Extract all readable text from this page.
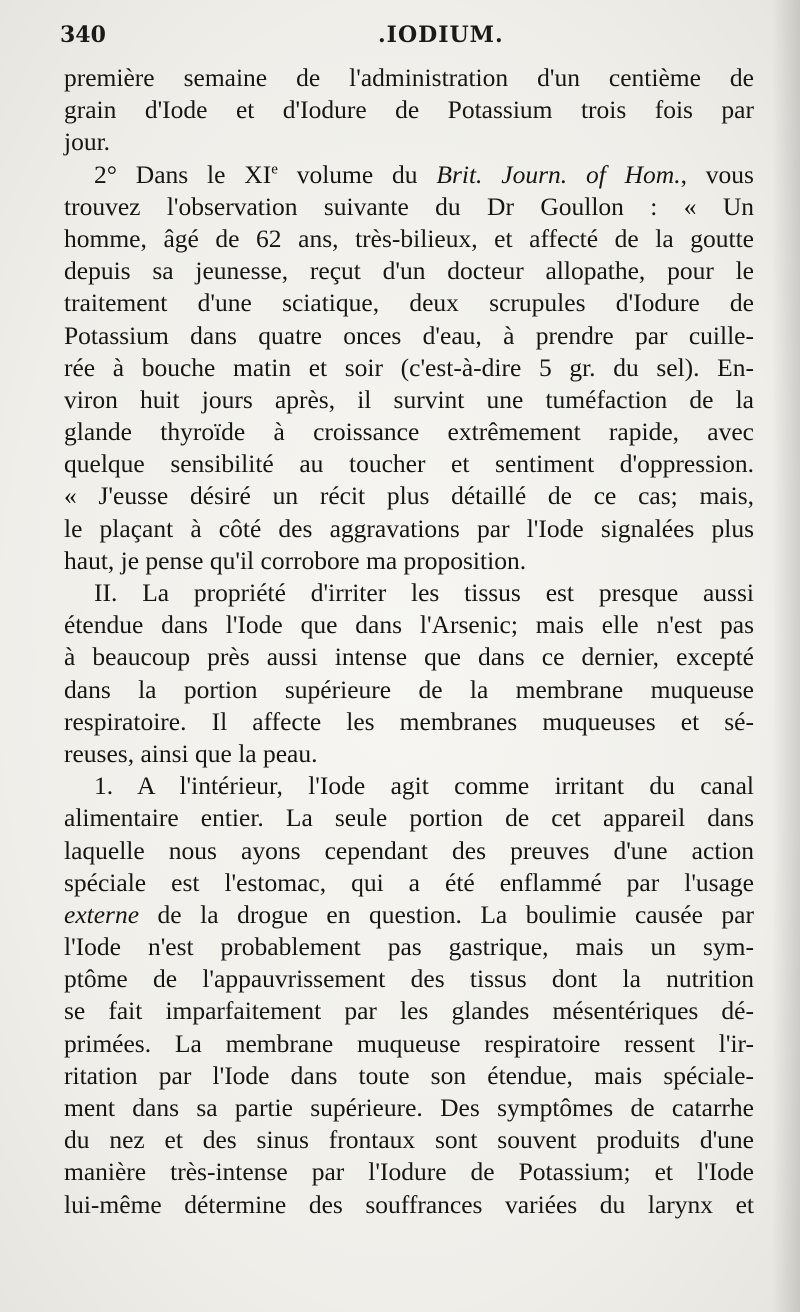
340	.IODIUM.
première semaine de l'administration d'un centième de
grain d'Iode et d'Iodure de Potassium trois fois par
jour.
2° Dans le XIe volume du Brit. Journ. of Hom., vous
trouvez l'observation suivante du Dr Goullon : « Un
homme, âgé de 62 ans, très-bilieux, et affecté de la goutte
depuis sa jeunesse, reçut d'un docteur allopathe, pour le
traitement d'une sciatique, deux scrupules d'Iodure de
Potassium dans quatre onces d'eau, à prendre par cuille-
rée à bouche matin et soir (c'est-à-dire 5 gr. du sel). En-
viron huit jours après, il survint une tuméfaction de la
glande thyroïde à croissance extrêmement rapide, avec
quelque sensibilité au toucher et sentiment d'oppression.
« J'eusse désiré un récit plus détaillé de ce cas; mais,
le plaçant à côté des aggravations par l'Iode signalées plus
haut, je pense qu'il corrobore ma proposition.
II. La propriété d'irriter les tissus est presque aussi
étendue dans l'Iode que dans l'Arsenic; mais elle n'est pas
à beaucoup près aussi intense que dans ce dernier, excepté
dans la portion supérieure de la membrane muqueuse
respiratoire. Il affecte les membranes muqueuses et sé-
reuses, ainsi que la peau.
1. A l'intérieur, l'Iode agit comme irritant du canal
alimentaire entier. La seule portion de cet appareil dans
laquelle nous ayons cependant des preuves d'une action
spéciale est l'estomac, qui a été enflammé par l'usage
externe de la drogue en question. La boulimie causée par
l'Iode n'est probablement pas gastrique, mais un sym-
ptôme de l'appauvrissement des tissus dont la nutrition
se fait imparfaitement par les glandes mésentériques dé-
primées. La membrane muqueuse respiratoire ressent l'ir-
ritation par l'Iode dans toute son étendue, mais spéciale-
ment dans sa partie supérieure. Des symptômes de catarrhe
du nez et des sinus frontaux sont souvent produits d'une
manière très-intense par l'Iodure de Potassium; et l'Iode
lui-même détermine des souffrances variées du larynx et
